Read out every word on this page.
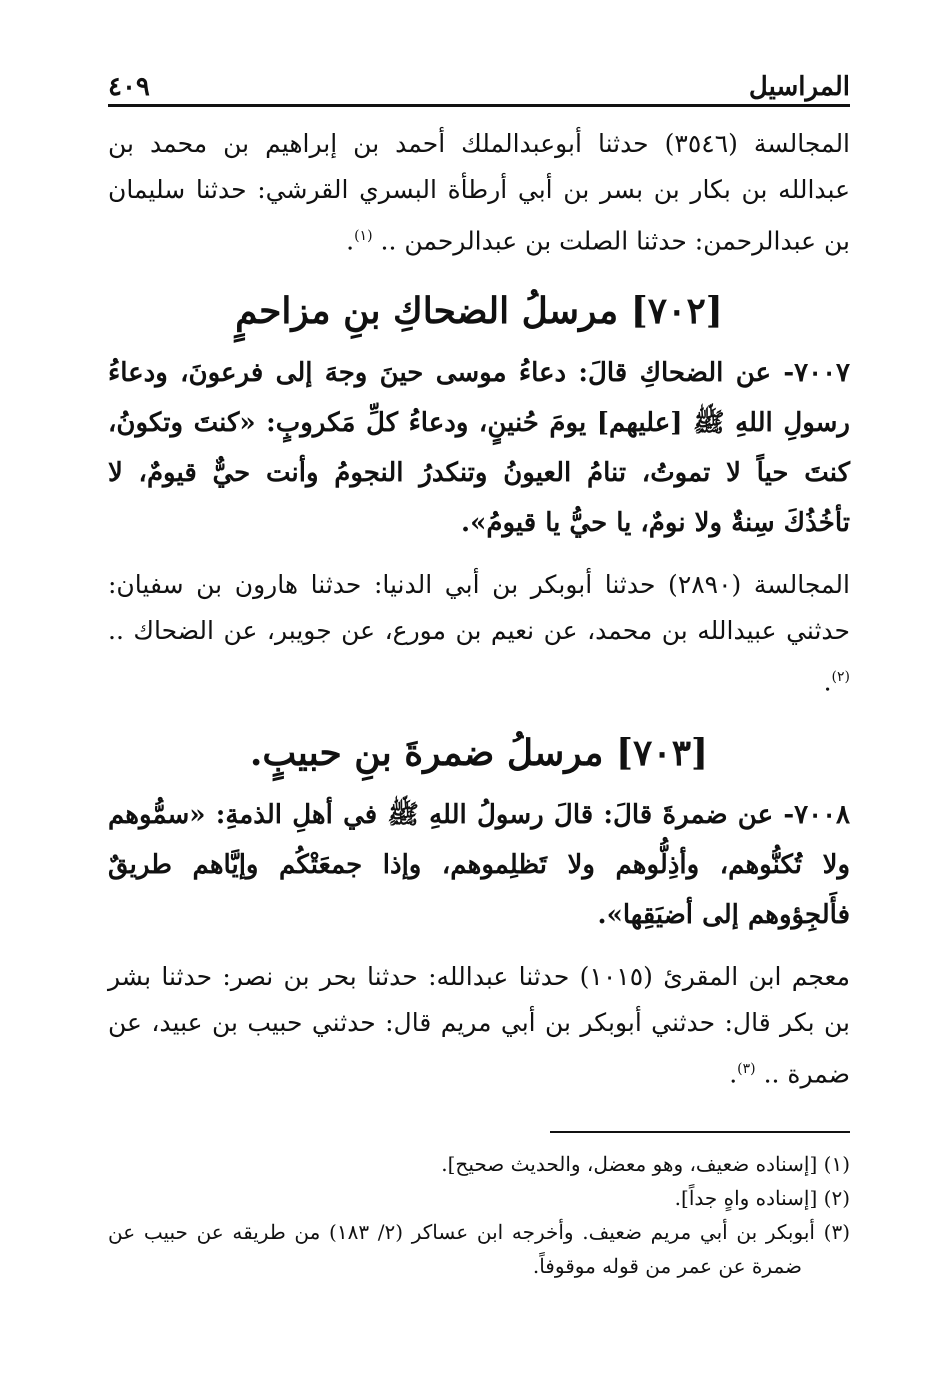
المراسيل
٤٠٩

المجالسة (٣٥٤٦) حدثنا أبوعبدالملك أحمد بن إبراهيم بن محمد بن عبدالله بن بكار بن بسر بن أبي أرطأة البسري القرشي: حدثنا سليمان بن عبدالرحمن: حدثنا الصلت بن عبدالرحمن .. $^{(١)}$.

[٧٠٢] مرسلُ الضحاكِ بنِ مزاحمٍ

٧٠٠٧- عن الضحاكِ قالَ: دعاءُ موسى حينَ وجهَ إلى فرعونَ، ودعاءُ رسولِ اللهِ ﷺ [عليهم] يومَ حُنينٍ، ودعاءُ كلِّ مَكروبٍ: «كنتَ وتكونُ، كنتَ حياً لا تموتُ، تنامُ العيونُ وتنكدرُ النجومُ وأنت حيٌّ قيومٌ، لا تأخُذُكَ سِنةٌ ولا نومٌ، يا حيُّ يا قيومُ».

المجالسة (٢٨٩٠) حدثنا أبوبكر بن أبي الدنيا: حدثنا هارون بن سفيان: حدثني عبيدالله بن محمد، عن نعيم بن مورع، عن جويبر، عن الضحاك .. $^{(٢)}$.

[٧٠٣] مرسلُ ضمرةَ بنِ حبيبٍ.

٧٠٠٨- عن ضمرةَ قالَ: قالَ رسولُ اللهِ ﷺ في أهلِ الذمةِ: «سمُّوهم ولا تُكنُّوهم، وأذِلُّوهم ولا تَظلِموهم، وإذا جمعَتْكُم وإيَّاهم طريقٌ فأَلجِؤوهم إلى أضيَقِها».

معجم ابن المقرئ (١٠١٥) حدثنا عبدالله: حدثنا بحر بن نصر: حدثنا بشر بن بكر قال: حدثني أبوبكر بن أبي مريم قال: حدثني حبيب بن عبيد، عن ضمرة .. $^{(٣)}$.

(١) [إسناده ضعيف، وهو معضل، والحديث صحيح].

(٢) [إسناده واهٍ جداً].

(٣) أبوبكر بن أبي مريم ضعيف. وأخرجه ابن عساكر (٢/ ١٨٣) من طريقه عن حبيب عن ضمرة عن عمر من قوله موقوفاً.
